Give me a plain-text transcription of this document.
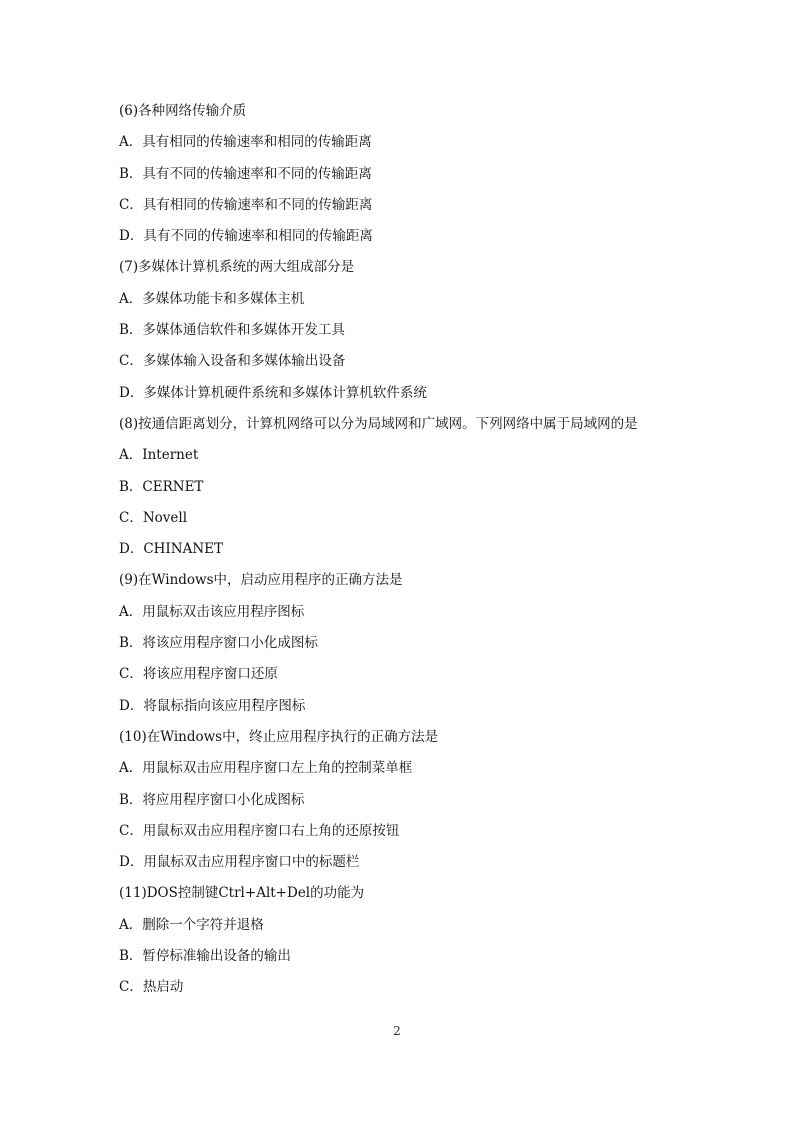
(6)各种网络传输介质
A．具有相同的传输速率和相同的传输距离
B．具有不同的传输速率和不同的传输距离
C．具有相同的传输速率和不同的传输距离
D．具有不同的传输速率和相同的传输距离
(7)多媒体计算机系统的两大组成部分是
A．多媒体功能卡和多媒体主机
B．多媒体通信软件和多媒体开发工具
C．多媒体输入设备和多媒体输出设备
D．多媒体计算机硬件系统和多媒体计算机软件系统
(8)按通信距离划分，计算机网络可以分为局域网和广域网。下列网络中属于局域网的是
A．Internet
B．CERNET
C．Novell
D．CHINANET
(9)在Windows中，启动应用程序的正确方法是
A．用鼠标双击该应用程序图标
B．将该应用程序窗口小化成图标
C．将该应用程序窗口还原
D．将鼠标指向该应用程序图标
(10)在Windows中，终止应用程序执行的正确方法是
A．用鼠标双击应用程序窗口左上角的控制菜单框
B．将应用程序窗口小化成图标
C．用鼠标双击应用程序窗口右上角的还原按钮
D．用鼠标双击应用程序窗口中的标题栏
(11)DOS控制键Ctrl+Alt+Del的功能为
A．删除一个字符并退格
B．暂停标准输出设备的输出
C．热启动
2
